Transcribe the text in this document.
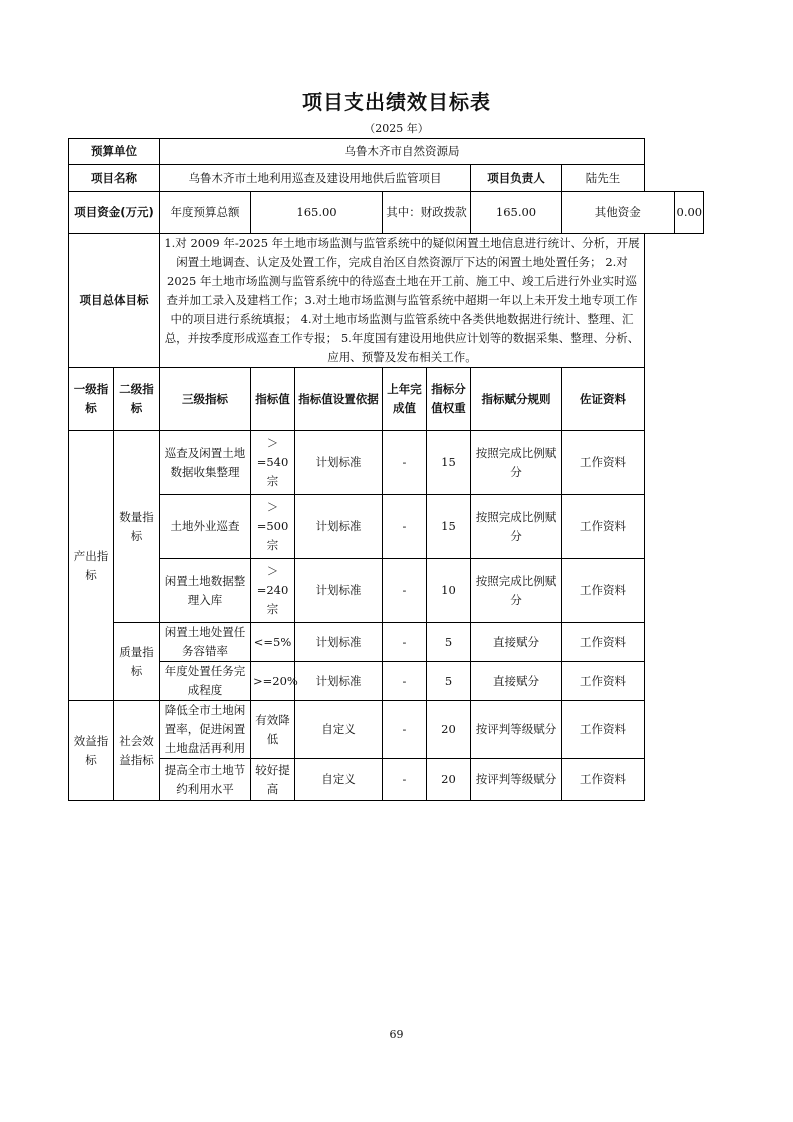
项目支出绩效目标表
（2025 年）
预算单位		乌鲁木齐市自然资源局							
项目名称		乌鲁木齐市土地利用巡查及建设用地供后监管项目					项目负责人	陆先生	
项目资金(万元)		年度预算总额	165.00		其中：财政拨款		165.00	其他资金	0.00
项目总体目标		1.对 2009 年-2025 年土地市场监测与监管系统中的疑似闲置土地信息进行统计、分析，开展闲置土地调查、认定及处置工作，完成自治区自然资源厅下达的闲置土地处置任务； 2.对 2025 年土地市场监测与监管系统中的待巡查土地在开工前、施工中、竣工后进行外业实时巡查并加工录入及建档工作；3.对土地市场监测与监管系统中超期一年以上未开发土地专项工作中的项目进行系统填报； 4.对土地市场监测与监管系统中各类供地数据进行统计、整理、汇总，并按季度形成巡查工作专报； 5.年度国有建设用地供应计划等的数据采集、整理、分析、应用、预警及发布相关工作。							
一级指标	二级指标	三级指标	指标值	指标值设置依据	上年完成值	指标分值权重	指标赋分规则	佐证资料	
产出指标	数量指标	巡查及闲置土地数据收集整理	＞=540宗	计划标准	-	15	按照完成比例赋分	工作资料	
		土地外业巡查	＞=500宗	计划标准	-	15	按照完成比例赋分	工作资料	
		闲置土地数据整理入库	＞=240宗	计划标准	-	10	按照完成比例赋分	工作资料	
	质量指标	闲置土地处置任务容错率	<=5%	计划标准	-	5	直接赋分	工作资料	
		年度处置任务完成程度	>=20%	计划标准	-	5	直接赋分	工作资料	
效益指标	社会效益指标	降低全市土地闲置率，促进闲置土地盘活再利用	有效降低	自定义	-	20	按评判等级赋分	工作资料	
		提高全市土地节约利用水平	较好提高	自定义	-	20	按评判等级赋分	工作资料	
69
